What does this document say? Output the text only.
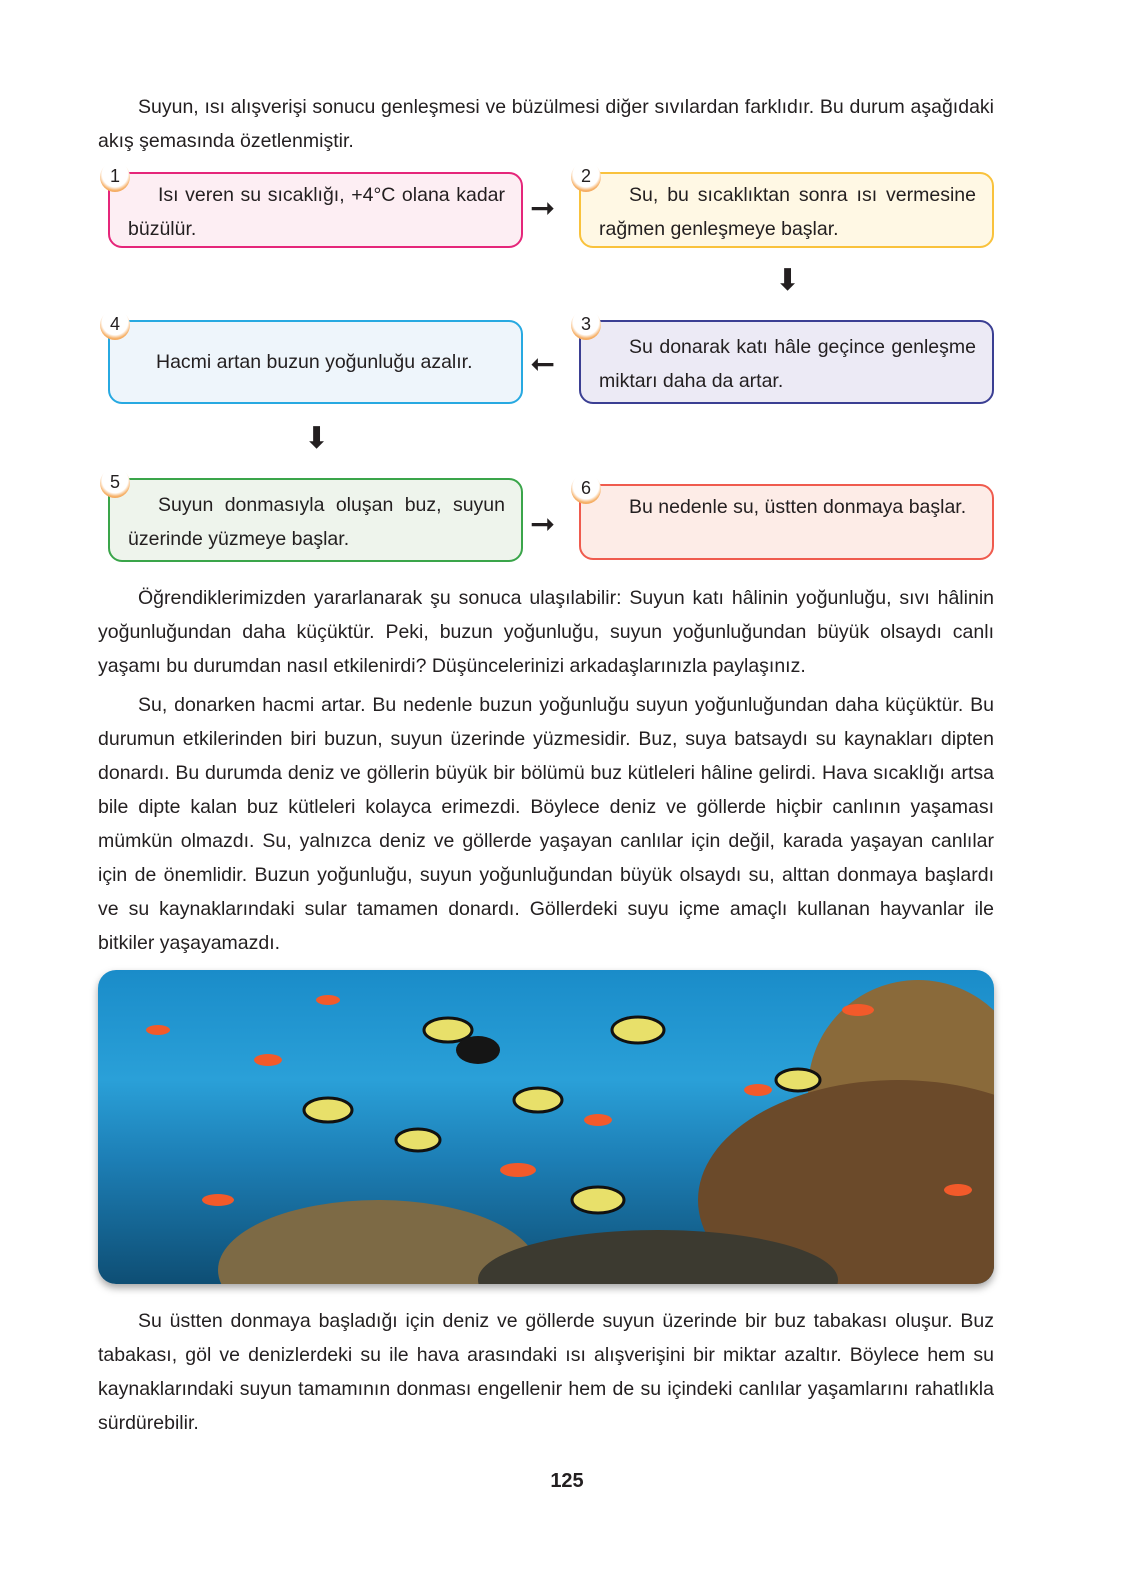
Suyun, ısı alışverişi sonucu genleşmesi ve büzülmesi diğer sıvılardan farklıdır. Bu durum aşağıdaki akış şemasında özetlenmiştir.

1
Isı veren su sıcaklığı, +4°C olana kadar büzülür.
➞
2
Su, bu sıcaklıktan sonra ısı vermesine rağmen genleşmeye başlar.
⬇
3
Su donarak katı hâle geçince genleşme miktarı daha da artar.
➞
4
Hacmi artan buzun yoğunluğu azalır.
⬇
5
Suyun donmasıyla oluşan buz, suyun üzerinde yüzmeye başlar.	➞
6
Bu nedenle su, üstten donmaya başlar.

Öğrendiklerimizden yararlanarak şu sonuca ulaşılabilir: Suyun katı hâlinin yoğunluğu, sıvı hâlinin yoğunluğundan daha küçüktür. Peki, buzun yoğunluğu, suyun yoğunluğundan büyük olsaydı canlı yaşamı bu durumdan nasıl etkilenirdi? Düşüncelerinizi arkadaşlarınızla paylaşınız.

Su, donarken hacmi artar. Bu nedenle buzun yoğunluğu suyun yoğunluğundan daha küçüktür. Bu durumun etkilerinden biri buzun, suyun üzerinde yüzmesidir. Buz, suya batsaydı su kaynakları dipten donardı. Bu durumda deniz ve göllerin büyük bir bölümü buz kütleleri hâline gelirdi. Hava sıcaklığı artsa bile dipte kalan buz kütleleri kolayca erimezdi. Böylece deniz ve göllerde hiçbir canlının yaşaması mümkün olmazdı. Su, yalnızca deniz ve göllerde yaşayan canlılar için değil, karada yaşayan canlılar için de önemlidir. Buzun yoğunluğu, suyun yoğunluğundan büyük olsaydı su, alttan donmaya başlardı ve su kaynaklarındaki sular tamamen donardı. Göllerdeki suyu içme amaçlı kullanan hayvanlar ile bitkiler yaşayamazdı.

Su üstten donmaya başladığı için deniz ve göllerde suyun üzerinde bir buz tabakası oluşur. Buz tabakası, göl ve denizlerdeki su ile hava arasındaki ısı alışverişini bir miktar azaltır. Böylece hem su kaynaklarındaki suyun tamamının donması engellenir hem de su içindeki canlılar yaşamlarını rahatlıkla sürdürebilir.

125
